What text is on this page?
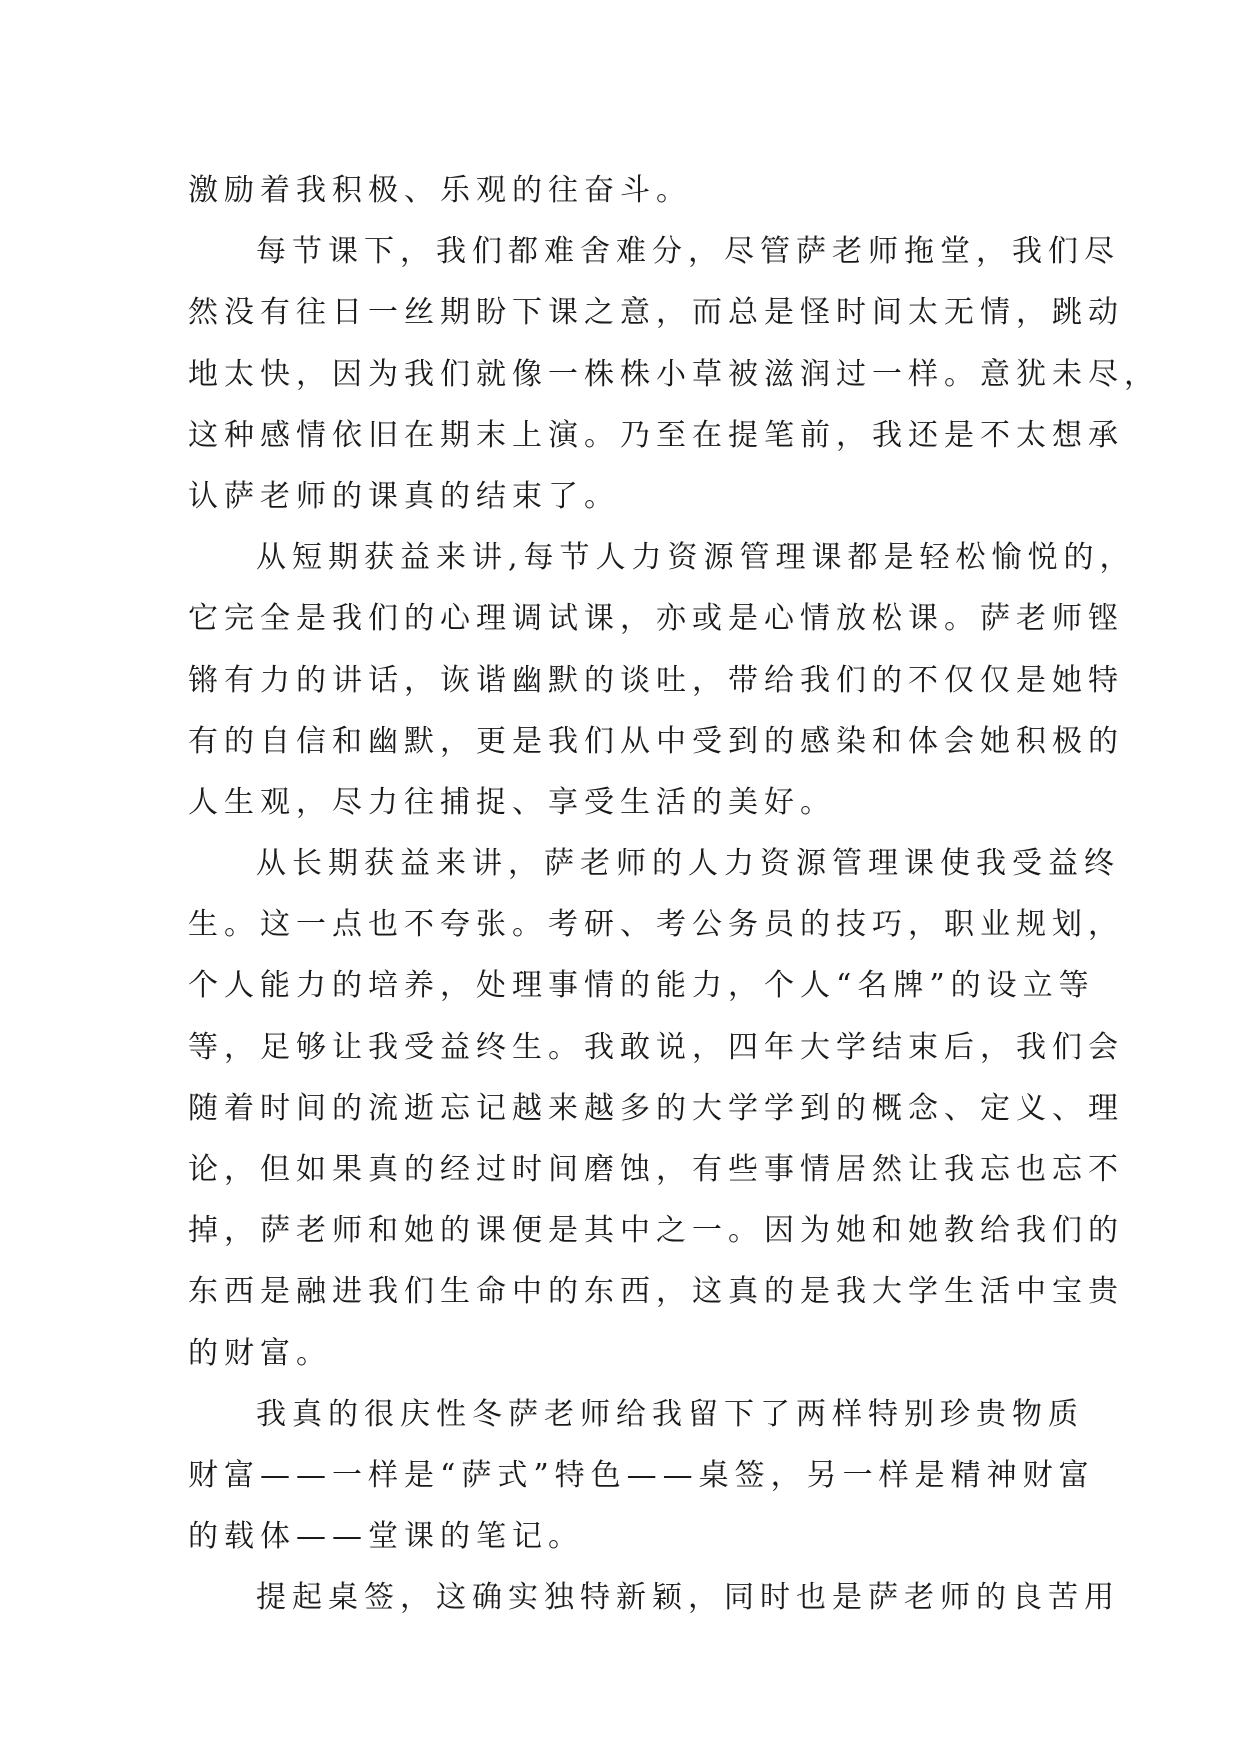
激励着我积极、乐观的往奋斗。
每节课下，我们都难舍难分，尽管萨老师拖堂，我们尽
然没有往日一丝期盼下课之意，而总是怪时间太无情，跳动
地太快，因为我们就像一株株小草被滋润过一样。意犹未尽，
这种感情依旧在期末上演。乃至在提笔前，我还是不太想承
认萨老师的课真的结束了。
从短期获益来讲,每节人力资源管理课都是轻松愉悦的，
它完全是我们的心理调试课，亦或是心情放松课。萨老师铿
锵有力的讲话，诙谐幽默的谈吐，带给我们的不仅仅是她特
有的自信和幽默，更是我们从中受到的感染和体会她积极的
人生观，尽力往捕捉、享受生活的美好。
从长期获益来讲，萨老师的人力资源管理课使我受益终
生。这一点也不夸张。考研、考公务员的技巧，职业规划，
个人能力的培养，处理事情的能力，个人“名牌”的设立等
等，足够让我受益终生。我敢说，四年大学结束后，我们会
随着时间的流逝忘记越来越多的大学学到的概念、定义、理
论，但如果真的经过时间磨蚀，有些事情居然让我忘也忘不
掉，萨老师和她的课便是其中之一。因为她和她教给我们的
东西是融进我们生命中的东西，这真的是我大学生活中宝贵
的财富。
我真的很庆性冬萨老师给我留下了两样特别珍贵物质
财富——一样是“萨式”特色——桌签，另一样是精神财富
的载体——堂课的笔记。
提起桌签，这确实独特新颖，同时也是萨老师的良苦用
